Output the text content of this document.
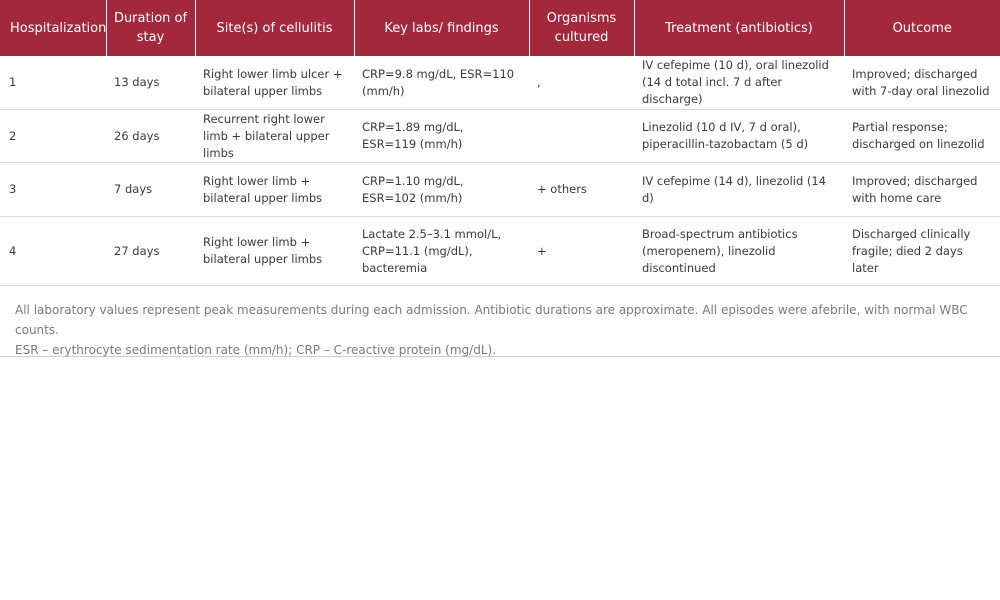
Hospitalization	Duration of stay	Site(s) of cellulitis	Key labs/ findings	Organisms cultured	Treatment (antibiotics)	Outcome
1	13 days	Right lower limb ulcer + bilateral upper limbs	CRP=9.8 mg/dL, ESR=110 (mm/h)	,	IV cefepime (10 d), oral linezolid (14 d total incl. 7 d after discharge)	Improved; discharged with 7-day oral linezolid
2	26 days	Recurrent right lower limb + bilateral upper limbs	CRP=1.89 mg/dL, ESR=119 (mm/h)		Linezolid (10 d IV, 7 d oral), piperacillin-tazobactam (5 d)	Partial response; discharged on linezolid
3	7 days	Right lower limb + bilateral upper limbs	CRP=1.10 mg/dL, ESR=102 (mm/h)	+ others	IV cefepime (14 d), linezolid (14 d)	Improved; discharged with home care
4	27 days	Right lower limb + bilateral upper limbs	Lactate 2.5–3.1 mmol/L, CRP=11.1 (mg/dL), bacteremia	+	Broad-spectrum antibiotics (meropenem), linezolid discontinued	Discharged clinically fragile; died 2 days later

All laboratory values represent peak measurements during each admission. Antibiotic durations are approximate. All episodes were afebrile, with normal WBC counts.

ESR – erythrocyte sedimentation rate (mm/h); CRP – C-reactive protein (mg/dL).
